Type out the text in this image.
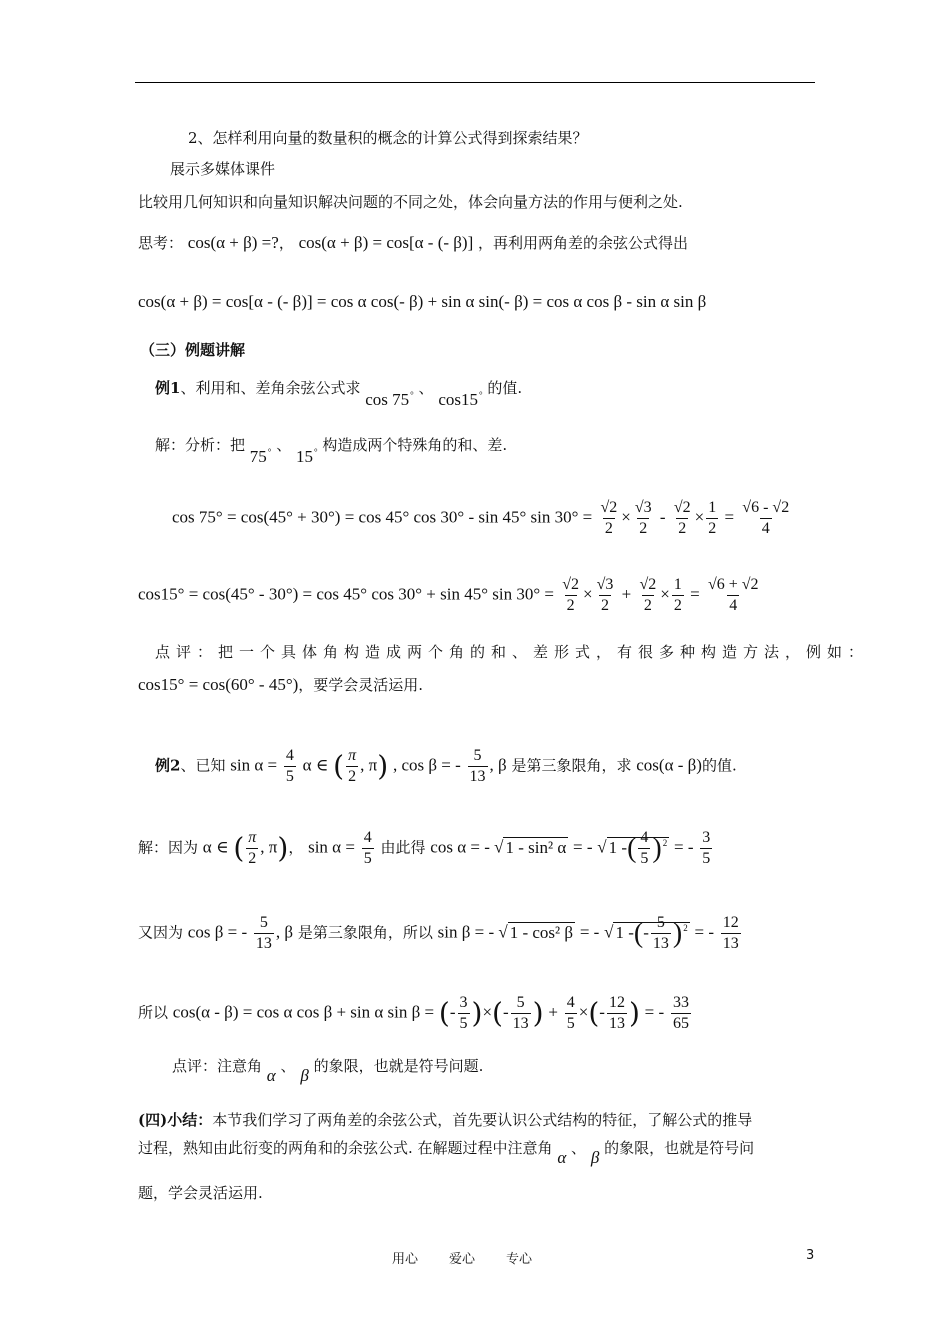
2、怎样利用向量的数量积的概念的计算公式得到探索结果？
展示多媒体课件
比较用几何知识和向量知识解决问题的不同之处，体会向量方法的作用与便利之处.
思考： cos(α + β) =?， cos(α + β) = cos[α - (- β)] ，再利用两角差的余弦公式得出
cos(α + β) = cos[α - (- β)] = cos α cos(- β) + sin α sin(- β) = cos α cos β - sin α sin β
（三）例题讲解
例1、利用和、差角余弦公式求 cos 75° 、 cos15° 的值.
解：分析：把 75° 、 15° 构造成两个特殊角的和、差.
cos 75° = cos(45° + 30°) = cos 45° cos 30° - sin 45° $\sin 30^\circ = \frac{√2}{2} \times \frac{√3}{2} - \frac{√2}{2} \times \frac{1}{2} = \frac{√6 - √2}{4}$
cos15° = cos(45° - 30°) = cos 45° cos 30° + sin 45° $\sin 30^\circ = \frac{√2}{2} \times \frac{√3}{2} + \frac{√2}{2} \times \frac{1}{2} = \frac{√6 + √2}{4}$
点评：把一个具体角构造成两个角的和、差形式，有很多种构造方法，例如：
cos15° = cos(60° - 45°)，要学会灵活运用.
例2、已知 $\sin \alpha = \frac{4}{5}$ α ∈ ( $\frac{\pi}{2}$ , π) , cos β = - $\frac{5}{13}$ , β 是第三象限角，求 cos(α - β)的值.
解：因为 α ∈ ( $\frac{\pi}{2}$ , π)， $\sin \alpha = \frac{4}{5}$ 由此得 cos α = - √ 1 - sin² α = - √ 1 -( $\frac{4}{5} )^2$ = - $\frac{3}{5}$
又因为 cos β = - $\frac{5}{13}$ , β 是第三象限角，所以 sin β = - √ 1 - cos² β = - √ 1 -(- $\frac{5}{13} )^2$ = - $\frac{12}{13}$
所以 cos(α - β) = cos α cos β + sin α sin β = (- $\frac{3}{5}$ )×(- $\frac{5}{13}$ ) + $\frac{4}{5}$ ×(- $\frac{12}{13}$ ) = - $\frac{33}{65}$
点评：注意角 α 、 β 的象限，也就是符号问题.
(四)小结：本节我们学习了两角差的余弦公式，首先要认识公式结构的特征，了解公式的推导
过程，熟知由此衍变的两角和的余弦公式. 在解题过程中注意角 α 、 β 的象限，也就是符号问
题，学会灵活运用.
用心 爱心 专心	3
